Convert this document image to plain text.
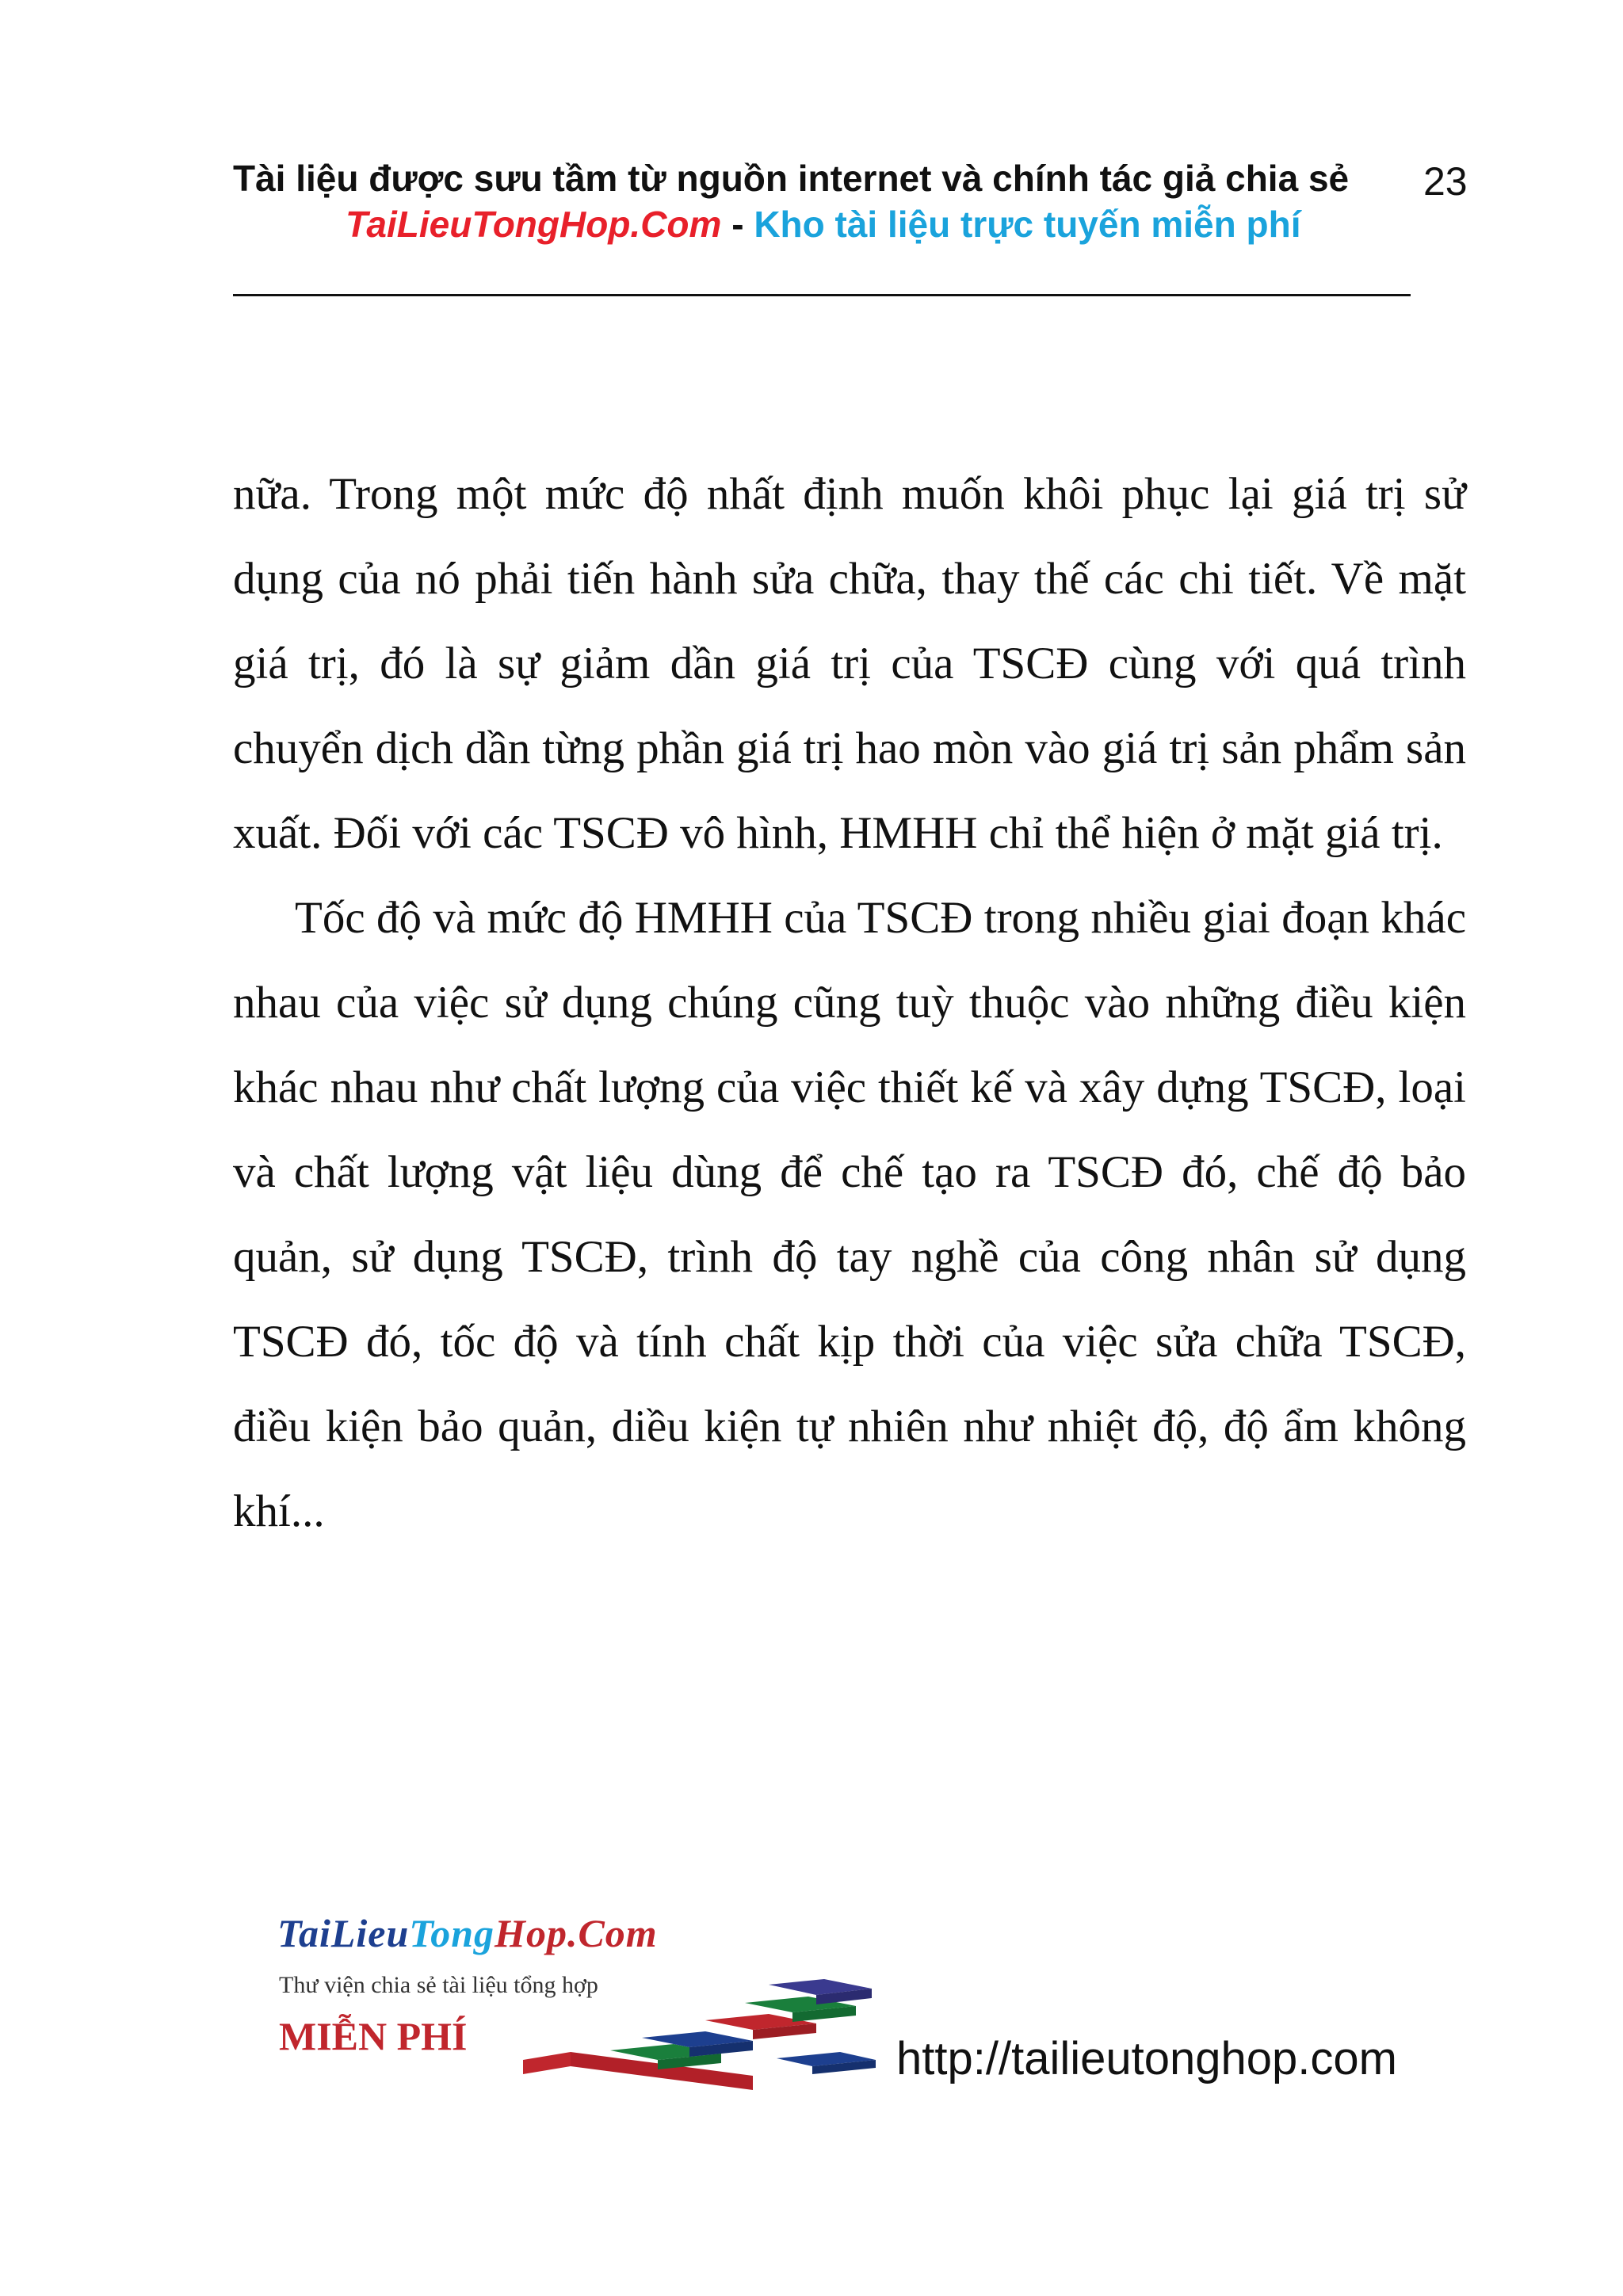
Tài liệu được sưu tầm từ nguồn internet và chính tác giả chia sẻ	23
TaiLieuTongHop.Com - Kho tài liệu trực tuyến miễn phí

nữa. Trong một mức độ nhất định muốn khôi phục lại giá trị sử dụng của nó phải tiến hành sửa chữa, thay thế các chi tiết. Về mặt giá trị, đó là sự giảm dần giá trị của TSCĐ cùng với quá trình chuyển dịch dần từng phần giá trị hao mòn vào giá trị sản phẩm sản xuất. Đối với các TSCĐ vô hình, HMHH chỉ thể hiện ở mặt giá trị.

Tốc độ và mức độ HMHH của TSCĐ trong nhiều giai đoạn khác nhau của việc sử dụng chúng cũng tuỳ thuộc vào những điều kiện khác nhau như chất lượng của việc thiết kế và xây dựng TSCĐ, loại và chất lượng vật liệu dùng để chế tạo ra TSCĐ đó, chế độ bảo quản, sử dụng TSCĐ, trình độ tay nghề của công nhân sử dụng TSCĐ đó, tốc độ và tính chất kịp thời của việc sửa chữa TSCĐ, điều kiện bảo quản, diều kiện tự nhiên như nhiệt độ, độ ẩm không khí...

TaiLieuTongHop.Com
Thư viện chia sẻ tài liệu tổng hợp
MIỄN PHÍ	http://tailieutonghop.com
